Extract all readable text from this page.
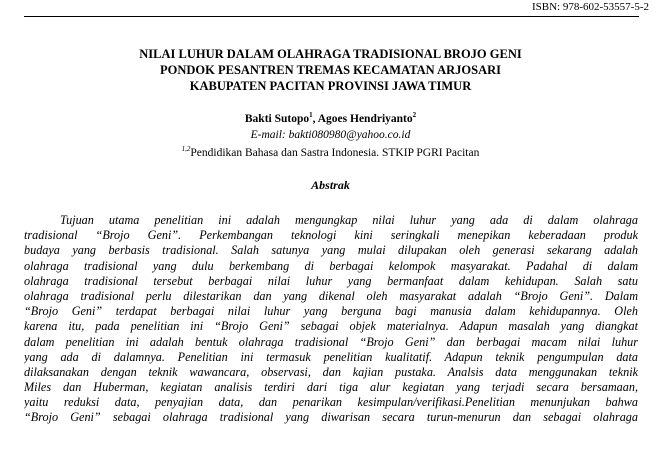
ISBN: 978-602-53557-5-2
NILAI LUHUR DALAM OLAHRAGA TRADISIONAL BROJO GENI
PONDOK PESANTREN TREMAS KECAMATAN ARJOSARI
KABUPATEN PACITAN PROVINSI JAWA TIMUR
Bakti Sutopo$^1$, Agoes Hendriyanto$^2$
E-mail: bakti080980@yahoo.co.id
$^{1,2}$Pendidikan Bahasa dan Sastra Indonesia. STKIP PGRI Pacitan
Abstrak
Tujuan utama penelitian ini adalah mengungkap nilai luhur yang ada di dalam olahraga
tradisional “Brojo Geni”. Perkembangan teknologi kini seringkali menepikan keberadaan produk
budaya yang berbasis tradisional. Salah satunya yang mulai dilupakan oleh generasi sekarang adalah
olahraga tradisional yang dulu berkembang di berbagai kelompok masyarakat. Padahal di dalam
olahraga tradisional tersebut berbagai nilai luhur yang bermanfaat dalam kehidupan. Salah satu
olahraga tradisional perlu dilestarikan dan yang dikenal oleh masyarakat adalah “Brojo Geni”. Dalam
“Brojo Geni” terdapat berbagai nilai luhur yang berguna bagi manusia dalam kehidupannya. Oleh
karena itu, pada penelitian ini “Brojo Geni” sebagai objek materialnya. Adapun masalah yang diangkat
dalam penelitian ini adalah bentuk olahraga tradisional “Brojo Geni” dan berbagai macam nilai luhur
yang ada di dalamnya. Penelitian ini termasuk penelitian kualitatif. Adapun teknik pengumpulan data
dilaksanakan dengan teknik wawancara, observasi, dan kajian pustaka. Analsis data menggunakan teknik
Miles dan Huberman, kegiatan analisis terdiri dari tiga alur kegiatan yang terjadi secara bersamaan,
yaitu reduksi data, penyajian data, dan penarikan kesimpulan/verifikasi.Penelitian menunjukan bahwa
“Brojo Geni” sebagai olahraga tradisional yang diwarisan secara turun-menurun dan sebagai olahraga
